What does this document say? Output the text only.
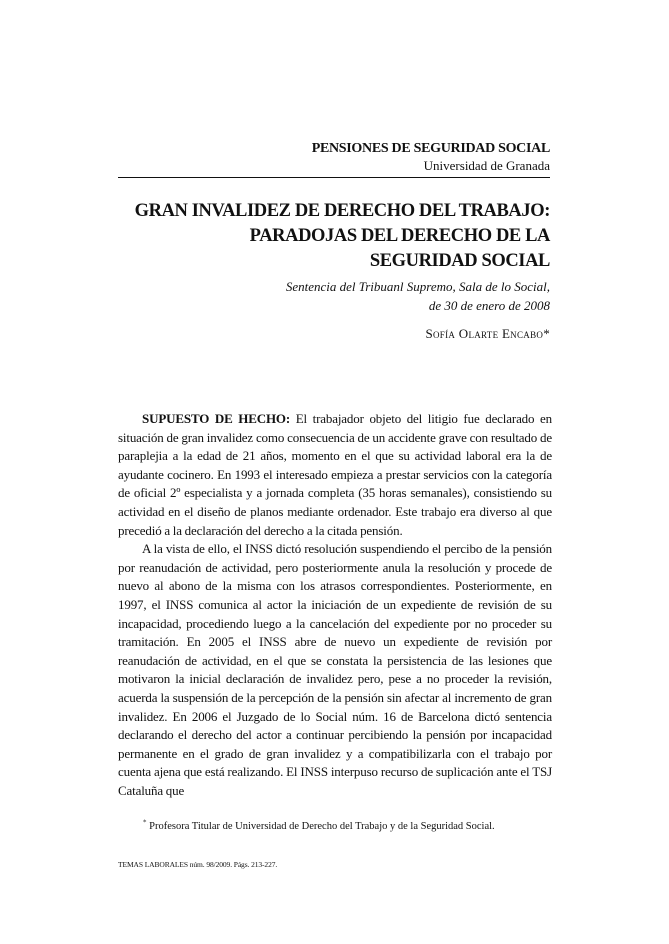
PENSIONES DE SEGURIDAD SOCIAL
Universidad de Granada
GRAN INVALIDEZ DE DERECHO DEL TRABAJO:
PARADOJAS DEL DERECHO DE LA
SEGURIDAD SOCIAL
Sentencia del Tribuanl Supremo, Sala de lo Social,
de 30 de enero de 2008
Sofía Olarte Encabo*

SUPUESTO DE HECHO: El trabajador objeto del litigio fue declarado en situación de gran invalidez como consecuencia de un accidente grave con resultado de paraplejia a la edad de 21 años, momento en el que su actividad laboral era la de ayudante cocinero. En 1993 el interesado empieza a prestar servicios con la categoría de oficial 2º especialista y a jornada completa (35 horas semanales), consistiendo su actividad en el diseño de planos mediante ordenador. Este trabajo era diverso al que precedió a la declaración del derecho a la citada pensión.

A la vista de ello, el INSS dictó resolución suspendiendo el percibo de la pensión por reanudación de actividad, pero posteriormente anula la resolución y procede de nuevo al abono de la misma con los atrasos correspondientes. Posteriormente, en 1997, el INSS comunica al actor la iniciación de un expediente de revisión de su incapacidad, procediendo luego a la cancelación del expediente por no proceder su tramitación. En 2005 el INSS abre de nuevo un expediente de revisión por reanudación de actividad, en el que se constata la persistencia de las lesiones que motivaron la inicial declaración de invalidez pero, pese a no proceder la revisión, acuerda la suspensión de la percepción de la pensión sin afectar al incremento de gran invalidez. En 2006 el Juzgado de lo Social núm. 16 de Barcelona dictó sentencia declarando el derecho del actor a continuar percibiendo la pensión por incapacidad permanente en el grado de gran invalidez y a compatibilizarla con el trabajo por cuenta ajena que está realizando. El INSS interpuso recurso de suplicación ante el TSJ Cataluña que

* Profesora Titular de Universidad de Derecho del Trabajo y de la Seguridad Social.
TEMAS LABORALES núm. 98/2009. Págs. 213-227.
